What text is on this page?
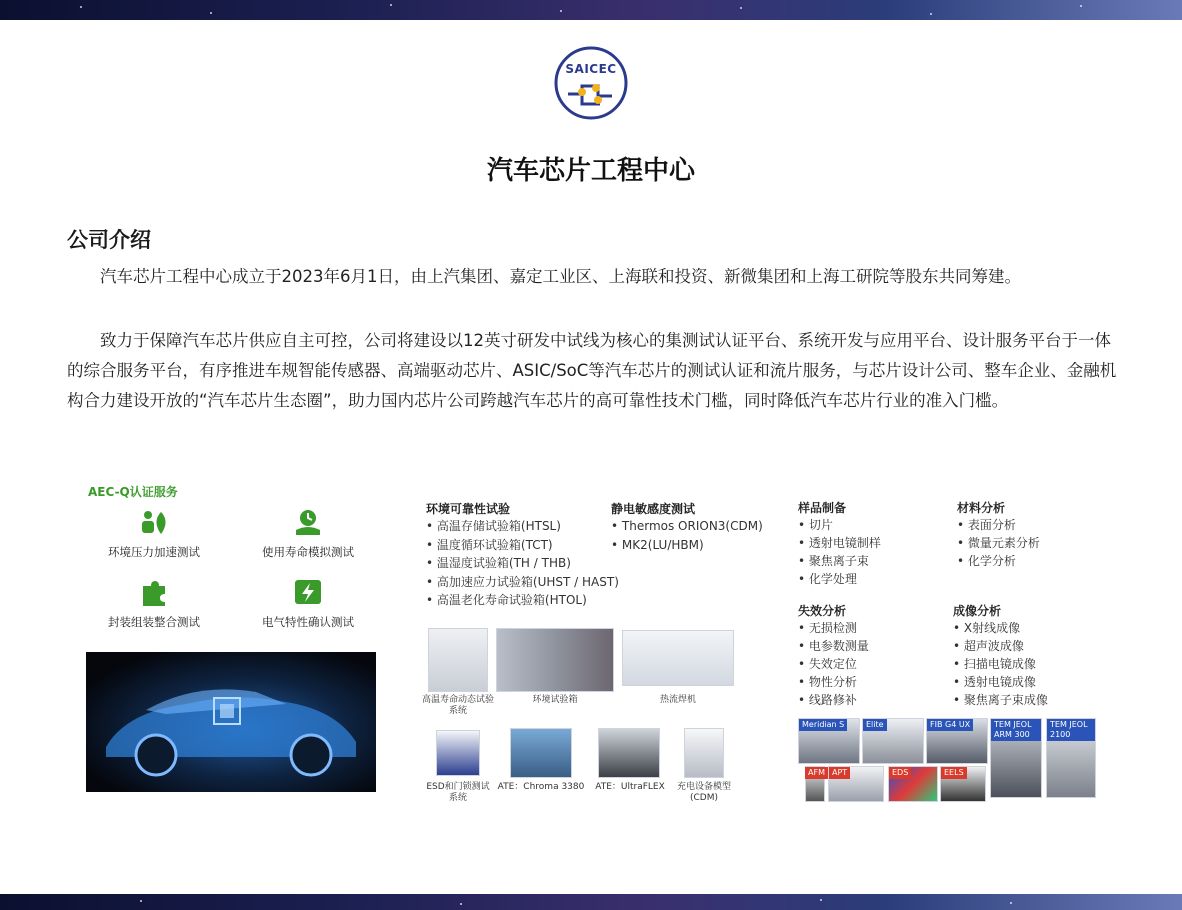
SAICEC
汽车芯片工程中心
公司介绍
　　汽车芯片工程中心成立于2023年6月1日，由上汽集团、嘉定工业区、上海联和投资、新微集团和上海工研院等股东共同筹建。
　　致力于保障汽车芯片供应自主可控，公司将建设以12英寸研发中试线为核心的集测试认证平台、系统开发与应用平台、设计服务平台于一体的综合服务平台，有序推进车规智能传感器、高端驱动芯片、ASIC/SoC等汽车芯片的测试认证和流片服务，与芯片设计公司、整车企业、金融机构合力建设开放的“汽车芯片生态圈”，助力国内芯片公司跨越汽车芯片的高可靠性技术门槛，同时降低汽车芯片行业的准入门槛。
AEC-Q认证服务
环境压力加速测试	使用寿命模拟测试
封装组装整合测试	电气特性确认测试
环境可靠性试验
• 高温存储试验箱(HTSL)
• 温度循环试验箱(TCT)
• 温湿度试验箱(TH / THB)
• 高加速应力试验箱(UHST / HAST)
• 高温老化寿命试验箱(HTOL)
静电敏感度测试
• Thermos ORION3(CDM)
• MK2(LU/HBM)
高温寿命动态试验系统
环境试验箱	热流焊机
ESD和门锁测试系统
ATE：Chroma 3380	ATE：UltraFLEX	充电设备模型(CDM)
样品制备
• 切片
• 透射电镜制样
• 聚焦离子束
• 化学处理
材料分析
• 表面分析
• 微量元素分析
• 化学分析
失效分析
• 无损检测
• 电参数测量
• 失效定位
• 物性分析
• 线路修补
成像分析
• X射线成像
• 超声波成像
• 扫描电镜成像
• 透射电镜成像
• 聚焦离子束成像
Meridian S	Elite	FIB G4 UX	TEM JEOL ARM 300
TEM JEOL 2100
AFM APT	EDS	EELS
